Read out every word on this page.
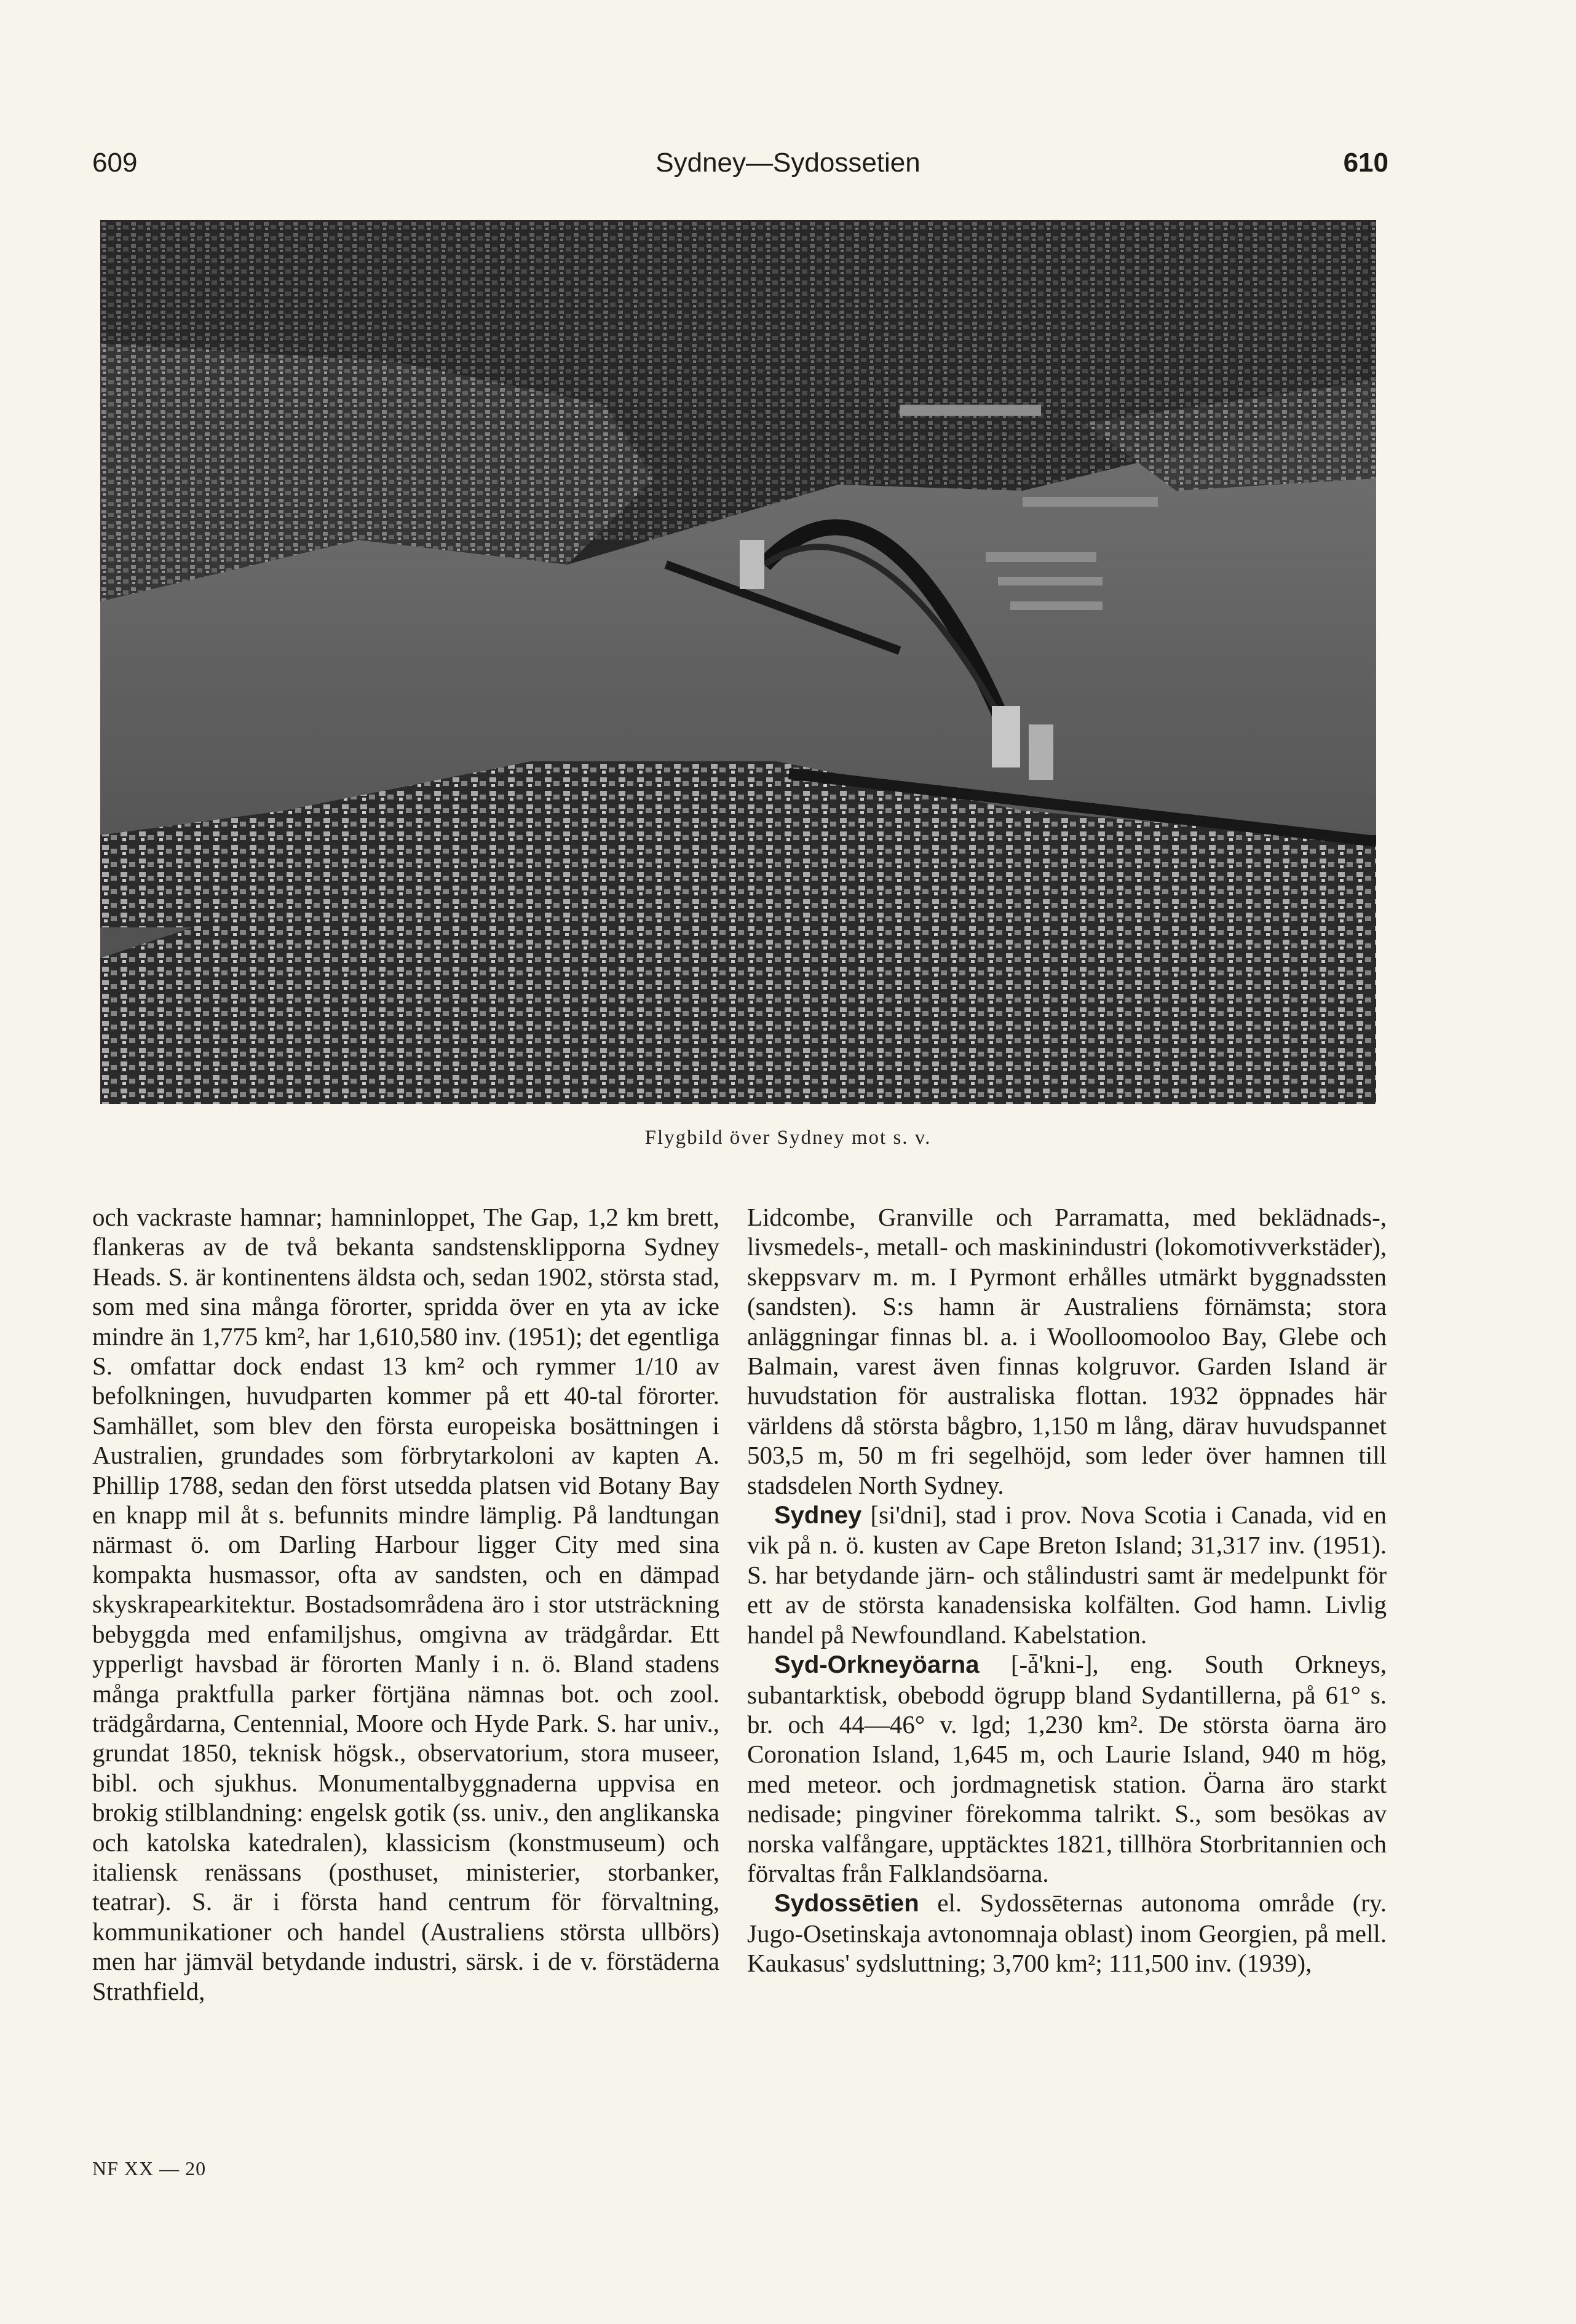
Sydney—Sydossetien
609	610
Flygbild över Sydney mot s. v.

och vackraste hamnar; hamninloppet, The Gap, 1,2 km brett, flankeras av de två bekanta sandstensklipporna Sydney Heads. S. är kontinentens äldsta och, sedan 1902, största stad, som med sina många förorter, spridda över en yta av icke mindre än 1,775 km², har 1,610,580 inv. (1951); det egentliga S. omfattar dock endast 13 km² och rymmer 1/10 av befolkningen, huvudparten kommer på ett 40-tal förorter. Samhället, som blev den första europeiska bosättningen i Australien, grundades som förbrytarkoloni av kapten A. Phillip 1788, sedan den först utsedda platsen vid Botany Bay en knapp mil åt s. befunnits mindre lämplig. På landtungan närmast ö. om Darling Harbour ligger City med sina kompakta husmassor, ofta av sandsten, och en dämpad skyskrapearkitektur. Bostadsområdena äro i stor utsträckning bebyggda med enfamiljshus, omgivna av trädgårdar. Ett ypperligt havsbad är förorten Manly i n. ö. Bland stadens många praktfulla parker förtjäna nämnas bot. och zool. trädgårdarna, Centennial, Moore och Hyde Park. S. har univ., grundat 1850, teknisk högsk., observatorium, stora museer, bibl. och sjukhus. Monumentalbyggnaderna uppvisa en brokig stilblandning: engelsk gotik (ss. univ., den anglikanska och katolska katedralen), klassicism (konstmuseum) och italiensk renässans (posthuset, ministerier, storbanker, teatrar). S. är i första hand centrum för förvaltning, kommunikationer och handel (Australiens största ullbörs) men har jämväl betydande industri, särsk. i de v. förstäderna Strathfield,

Lidcombe, Granville och Parramatta, med beklädnads-, livsmedels-, metall- och maskinindustri (lokomotivverkstäder), skeppsvarv m. m. I Pyrmont erhålles utmärkt byggnadssten (sandsten). S:s hamn är Australiens förnämsta; stora anläggningar finnas bl. a. i Woolloomooloo Bay, Glebe och Balmain, varest även finnas kolgruvor. Garden Island är huvudstation för australiska flottan. 1932 öppnades här världens då största bågbro, 1,150 m lång, därav huvudspannet 503,5 m, 50 m fri segelhöjd, som leder över hamnen till stadsdelen North Sydney.

Sydney [si'dni], stad i prov. Nova Scotia i Canada, vid en vik på n. ö. kusten av Cape Breton Island; 31,317 inv. (1951). S. har betydande järn- och stålindustri samt är medelpunkt för ett av de största kanadensiska kolfälten. God hamn. Livlig handel på Newfoundland. Kabelstation.

Syd-Orkneyöarna [-ǡ'kni-], eng. South Orkneys, subantarktisk, obebodd ögrupp bland Sydantillerna, på 61° s. br. och 44—46° v. lgd; 1,230 km². De största öarna äro Coronation Island, 1,645 m, och Laurie Island, 940 m hög, med meteor. och jordmagnetisk station. Öarna äro starkt nedisade; pingviner förekomma talrikt. S., som besökas av norska valfångare, upptäcktes 1821, tillhöra Storbritannien och förvaltas från Falklandsöarna.

Sydossētien el. Sydossēternas autonoma område (ry. Jugo-Osetinskaja avtonomnaja oblast) inom Georgien, på mell. Kaukasus' sydsluttning; 3,700 km²; 111,500 inv. (1939),

NF XX — 20
